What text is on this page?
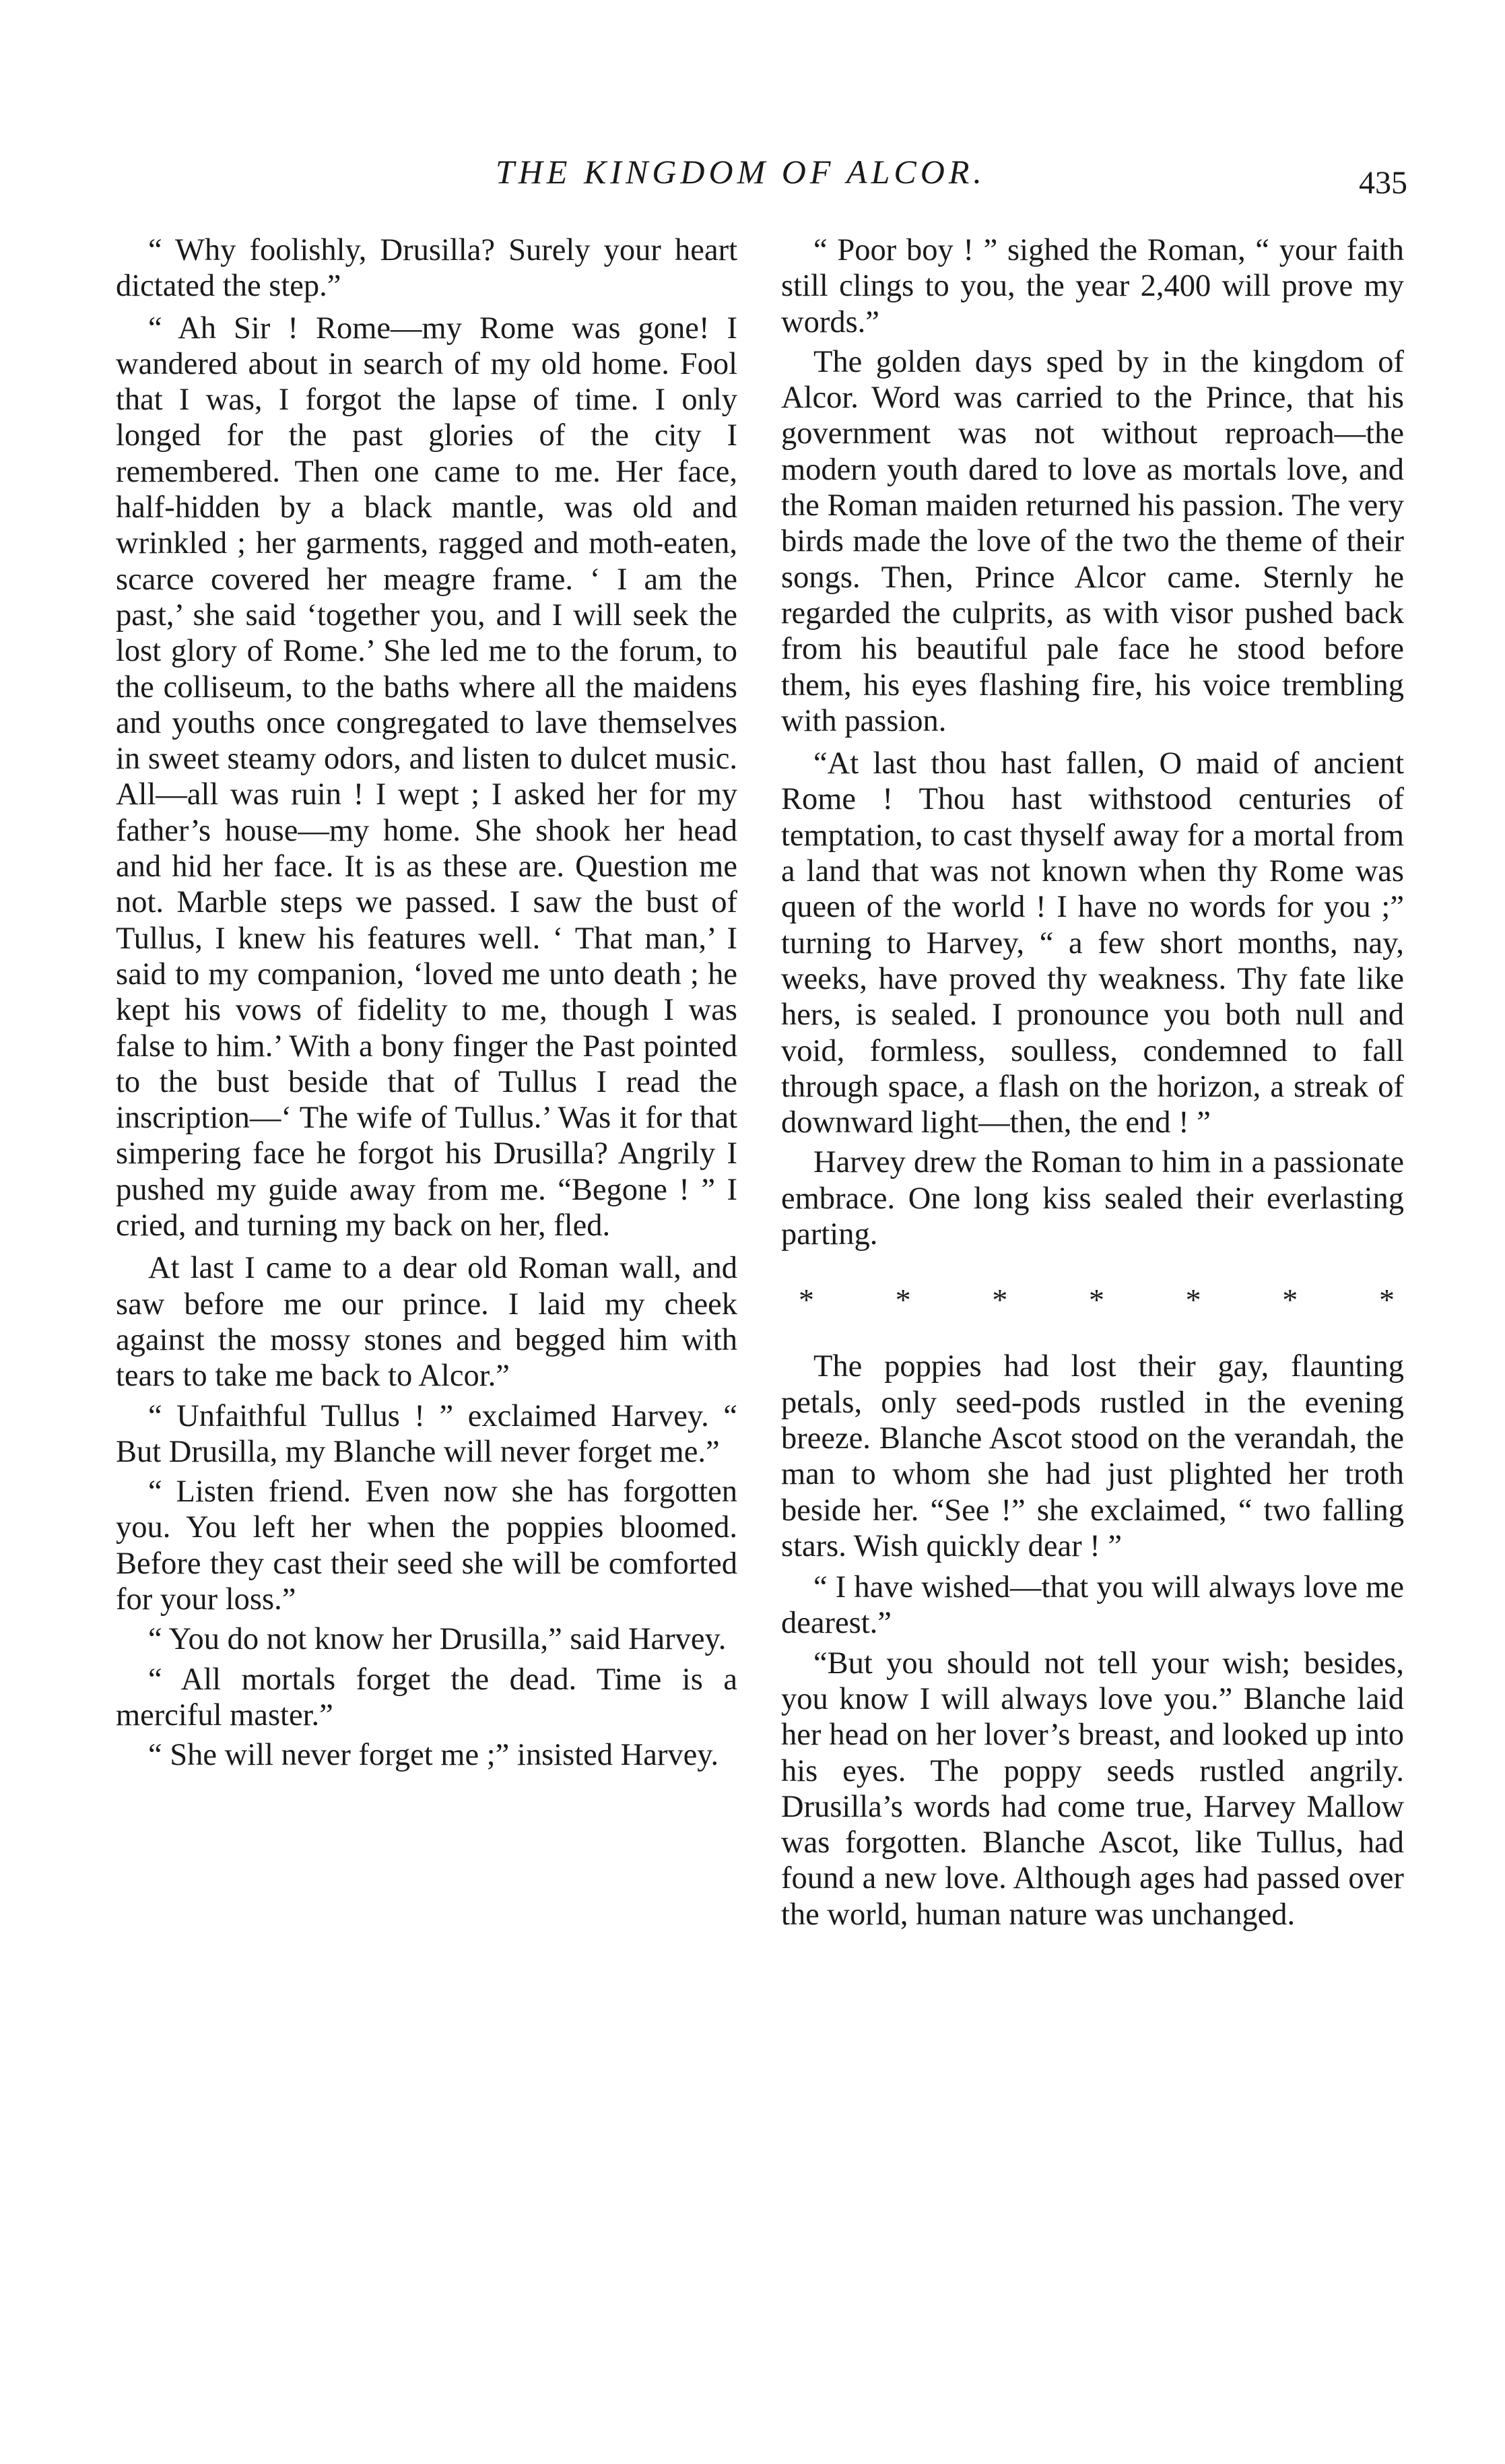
THE KINGDOM OF ALCOR.	435

“ Why foolishly, Drusilla? Surely your heart dictated the step.”

“ Ah Sir ! Rome—my Rome was gone! I wandered about in search of my old home. Fool that I was, I forgot the lapse of time. I only longed for the past glories of the city I remembered. Then one came to me. Her face, half-hidden by a black mantle, was old and wrinkled ; her garments, ragged and moth-eaten, scarce covered her meagre frame. ‘ I am the past,’ she said ‘together you, and I will seek the lost glory of Rome.’ She led me to the forum, to the colliseum, to the baths where all the maidens and youths once congregated to lave themselves in sweet steamy odors, and listen to dulcet music. All—all was ruin ! I wept ; I asked her for my father’s house—my home. She shook her head and hid her face. It is as these are. Question me not. Marble steps we passed. I saw the bust of Tullus, I knew his features well. ‘ That man,’ I said to my companion, ‘loved me unto death ; he kept his vows of fidelity to me, though I was false to him.’ With a bony finger the Past pointed to the bust beside that of Tullus I read the inscription—‘ The wife of Tullus.’ Was it for that simpering face he forgot his Drusilla? Angrily I pushed my guide away from me. “Begone ! ” I cried, and turning my back on her, fled.

At last I came to a dear old Roman wall, and saw before me our prince. I laid my cheek against the mossy stones and begged him with tears to take me back to Alcor.”

“ Unfaithful Tullus ! ” exclaimed Harvey. “ But Drusilla, my Blanche will never forget me.”

“ Listen friend. Even now she has forgotten you. You left her when the poppies bloomed. Before they cast their seed she will be comforted for your loss.”

“ You do not know her Drusilla,” said Harvey.

“ All mortals forget the dead. Time is a merciful master.”

“ She will never forget me ;” insisted Harvey.

“ Poor boy ! ” sighed the Roman, “ your faith still clings to you, the year 2,400 will prove my words.”

The golden days sped by in the kingdom of Alcor. Word was carried to the Prince, that his government was not without reproach—the modern youth dared to love as mortals love, and the Roman maiden returned his passion. The very birds made the love of the two the theme of their songs. Then, Prince Alcor came. Sternly he regarded the culprits, as with visor pushed back from his beautiful pale face he stood before them, his eyes flashing fire, his voice trembling with passion.

“At last thou hast fallen, O maid of ancient Rome ! Thou hast withstood centuries of temptation, to cast thyself away for a mortal from a land that was not known when thy Rome was queen of the world ! I have no words for you ;” turning to Harvey, “ a few short months, nay, weeks, have proved thy weakness. Thy fate like hers, is sealed. I pronounce you both null and void, formless, soulless, condemned to fall through space, a flash on the horizon, a streak of downward light—then, the end ! ”

Harvey drew the Roman to him in a passionate embrace. One long kiss sealed their everlasting parting.

*	*	*	*	*	*	*

The poppies had lost their gay, flaunting petals, only seed-pods rustled in the evening breeze. Blanche Ascot stood on the verandah, the man to whom she had just plighted her troth beside her. “See !” she exclaimed, “ two falling stars. Wish quickly dear ! ”

“ I have wished—that you will always love me dearest.”

“But you should not tell your wish; besides, you know I will always love you.” Blanche laid her head on her lover’s breast, and looked up into his eyes. The poppy seeds rustled angrily. Drusilla’s words had come true, Harvey Mallow was forgotten. Blanche Ascot, like Tullus, had found a new love. Although ages had passed over the world, human nature was unchanged.
